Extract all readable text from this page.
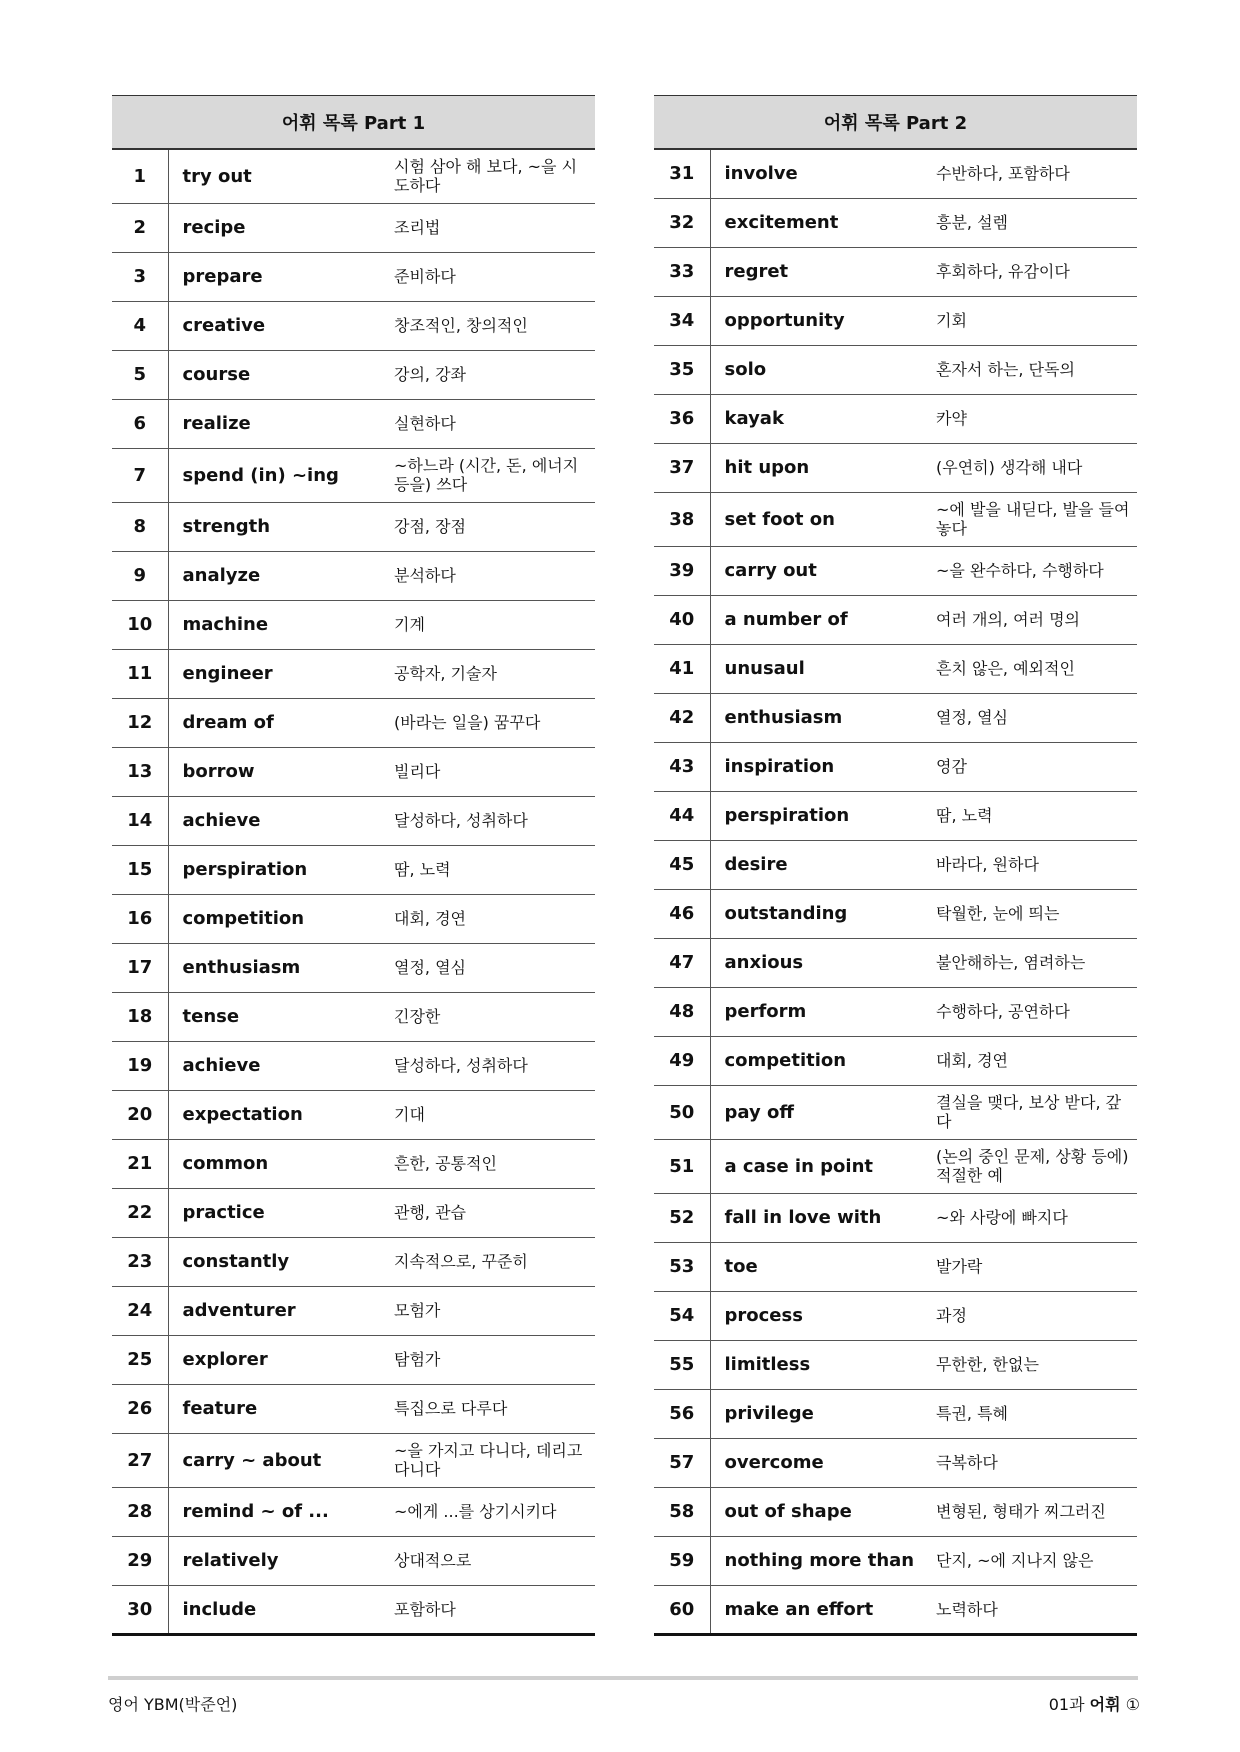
어휘 목록 Part 1		
1	try out	시험 삼아 해 보다, ~을 시도하다
2	recipe	조리법
3	prepare	준비하다
4	creative	창조적인, 창의적인
5	course	강의, 강좌
6	realize	실현하다
7	spend (in) ~ing	~하느라 (시간, 돈, 에너지 등을) 쓰다
8	strength	강점, 장점
9	analyze	분석하다
10	machine	기계
11	engineer	공학자, 기술자
12	dream of	(바라는 일을) 꿈꾸다
13	borrow	빌리다
14	achieve	달성하다, 성취하다
15	perspiration	땀, 노력
16	competition	대회, 경연
17	enthusiasm	열정, 열심
18	tense	긴장한
19	achieve	달성하다, 성취하다
20	expectation	기대
21	common	흔한, 공통적인
22	practice	관행, 관습
23	constantly	지속적으로, 꾸준히
24	adventurer	모험가
25	explorer	탐험가
26	feature	특집으로 다루다
27	carry ~ about	~을 가지고 다니다, 데리고 다니다
28	remind ~ of ...	~에게 ...를 상기시키다
29	relatively	상대적으로
30	include	포함하다
어휘 목록 Part 2		
31	involve	수반하다, 포함하다
32	excitement	흥분, 설렘
33	regret	후회하다, 유감이다
34	opportunity	기회
35	solo	혼자서 하는, 단독의
36	kayak	카약
37	hit upon	(우연히) 생각해 내다
38	set foot on	~에 발을 내딛다, 발을 들여놓다
39	carry out	~을 완수하다, 수행하다
40	a number of	여러 개의, 여러 명의
41	unusaul	흔치 않은, 예외적인
42	enthusiasm	열정, 열심
43	inspiration	영감
44	perspiration	땀, 노력
45	desire	바라다, 원하다
46	outstanding	탁월한, 눈에 띄는
47	anxious	불안해하는, 염려하는
48	perform	수행하다, 공연하다
49	competition	대회, 경연
50	pay off	결실을 맺다, 보상 받다, 갚다
51	a case in point	(논의 중인 문제, 상황 등에) 적절한 예
52	fall in love with	~와 사랑에 빠지다
53	toe	발가락
54	process	과정
55	limitless	무한한, 한없는
56	privilege	특권, 특혜
57	overcome	극복하다
58	out of shape	변형된, 형태가 찌그러진
59	nothing more than	단지, ~에 지나지 않은
60	make an effort	노력하다
영어 YBM(박준언)	01과 어휘 ①
